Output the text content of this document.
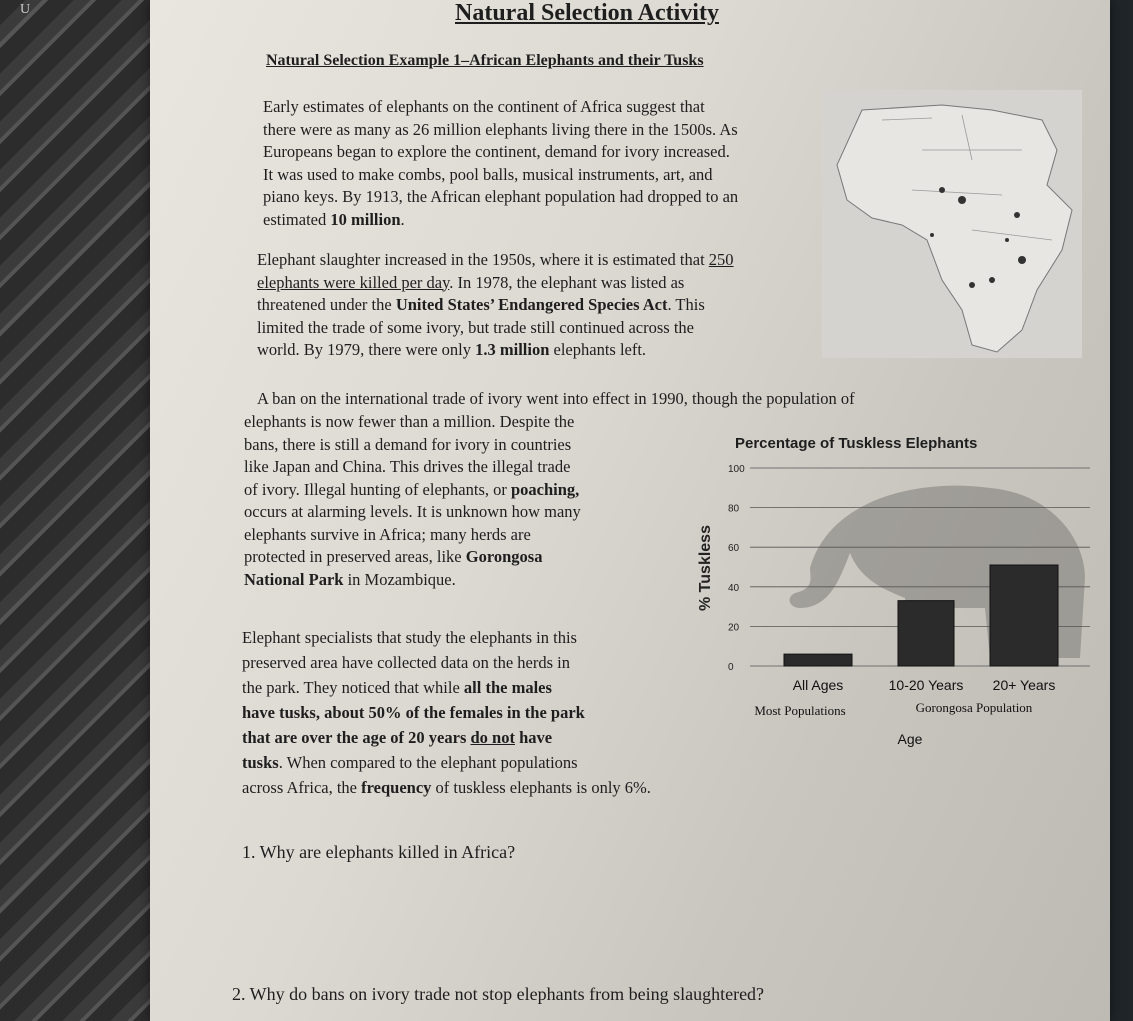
U	Natural Selection Activity
Natural Selection Example 1–African Elephants and their Tusks
Early estimates of elephants on the continent of Africa suggest that
there were as many as 26 million elephants living there in the 1500s. As
Europeans began to explore the continent, demand for ivory increased.
It was used to make combs, pool balls, musical instruments, art, and
piano keys. By 1913, the African elephant population had dropped to an
estimated 10 million.
Elephant slaughter increased in the 1950s, where it is estimated that 250
elephants were killed per day. In 1978, the elephant was listed as
threatened under the United States’ Endangered Species Act. This
limited the trade of some ivory, but trade still continued across the
world. By 1979, there were only 1.3 million elephants left.
A ban on the international trade of ivory went into effect in 1990, though the population of
elephants is now fewer than a million. Despite the
bans, there is still a demand for ivory in countries
like Japan and China. This drives the illegal trade
of ivory. Illegal hunting of elephants, or poaching,
occurs at alarming levels. It is unknown how many
elephants survive in Africa; many herds are
protected in preserved areas, like Gorongosa
National Park in Mozambique.
Elephant specialists that study the elephants in this
preserved area have collected data on the herds in
the park. They noticed that while all the males
have tusks, about 50% of the females in the park
that are over the age of 20 years do not have
tusks. When compared to the elephant populations
across Africa, the frequency of tuskless elephants is only 6%.
Percentage of Tuskless Elephants
100
80
60
40
20
0
% Tuskless
All Ages	10-20 Years 20+ Years
Most Populations	Gorongosa Population
Age
1. Why are elephants killed in Africa?
2. Why do bans on ivory trade not stop elephants from being slaughtered?
